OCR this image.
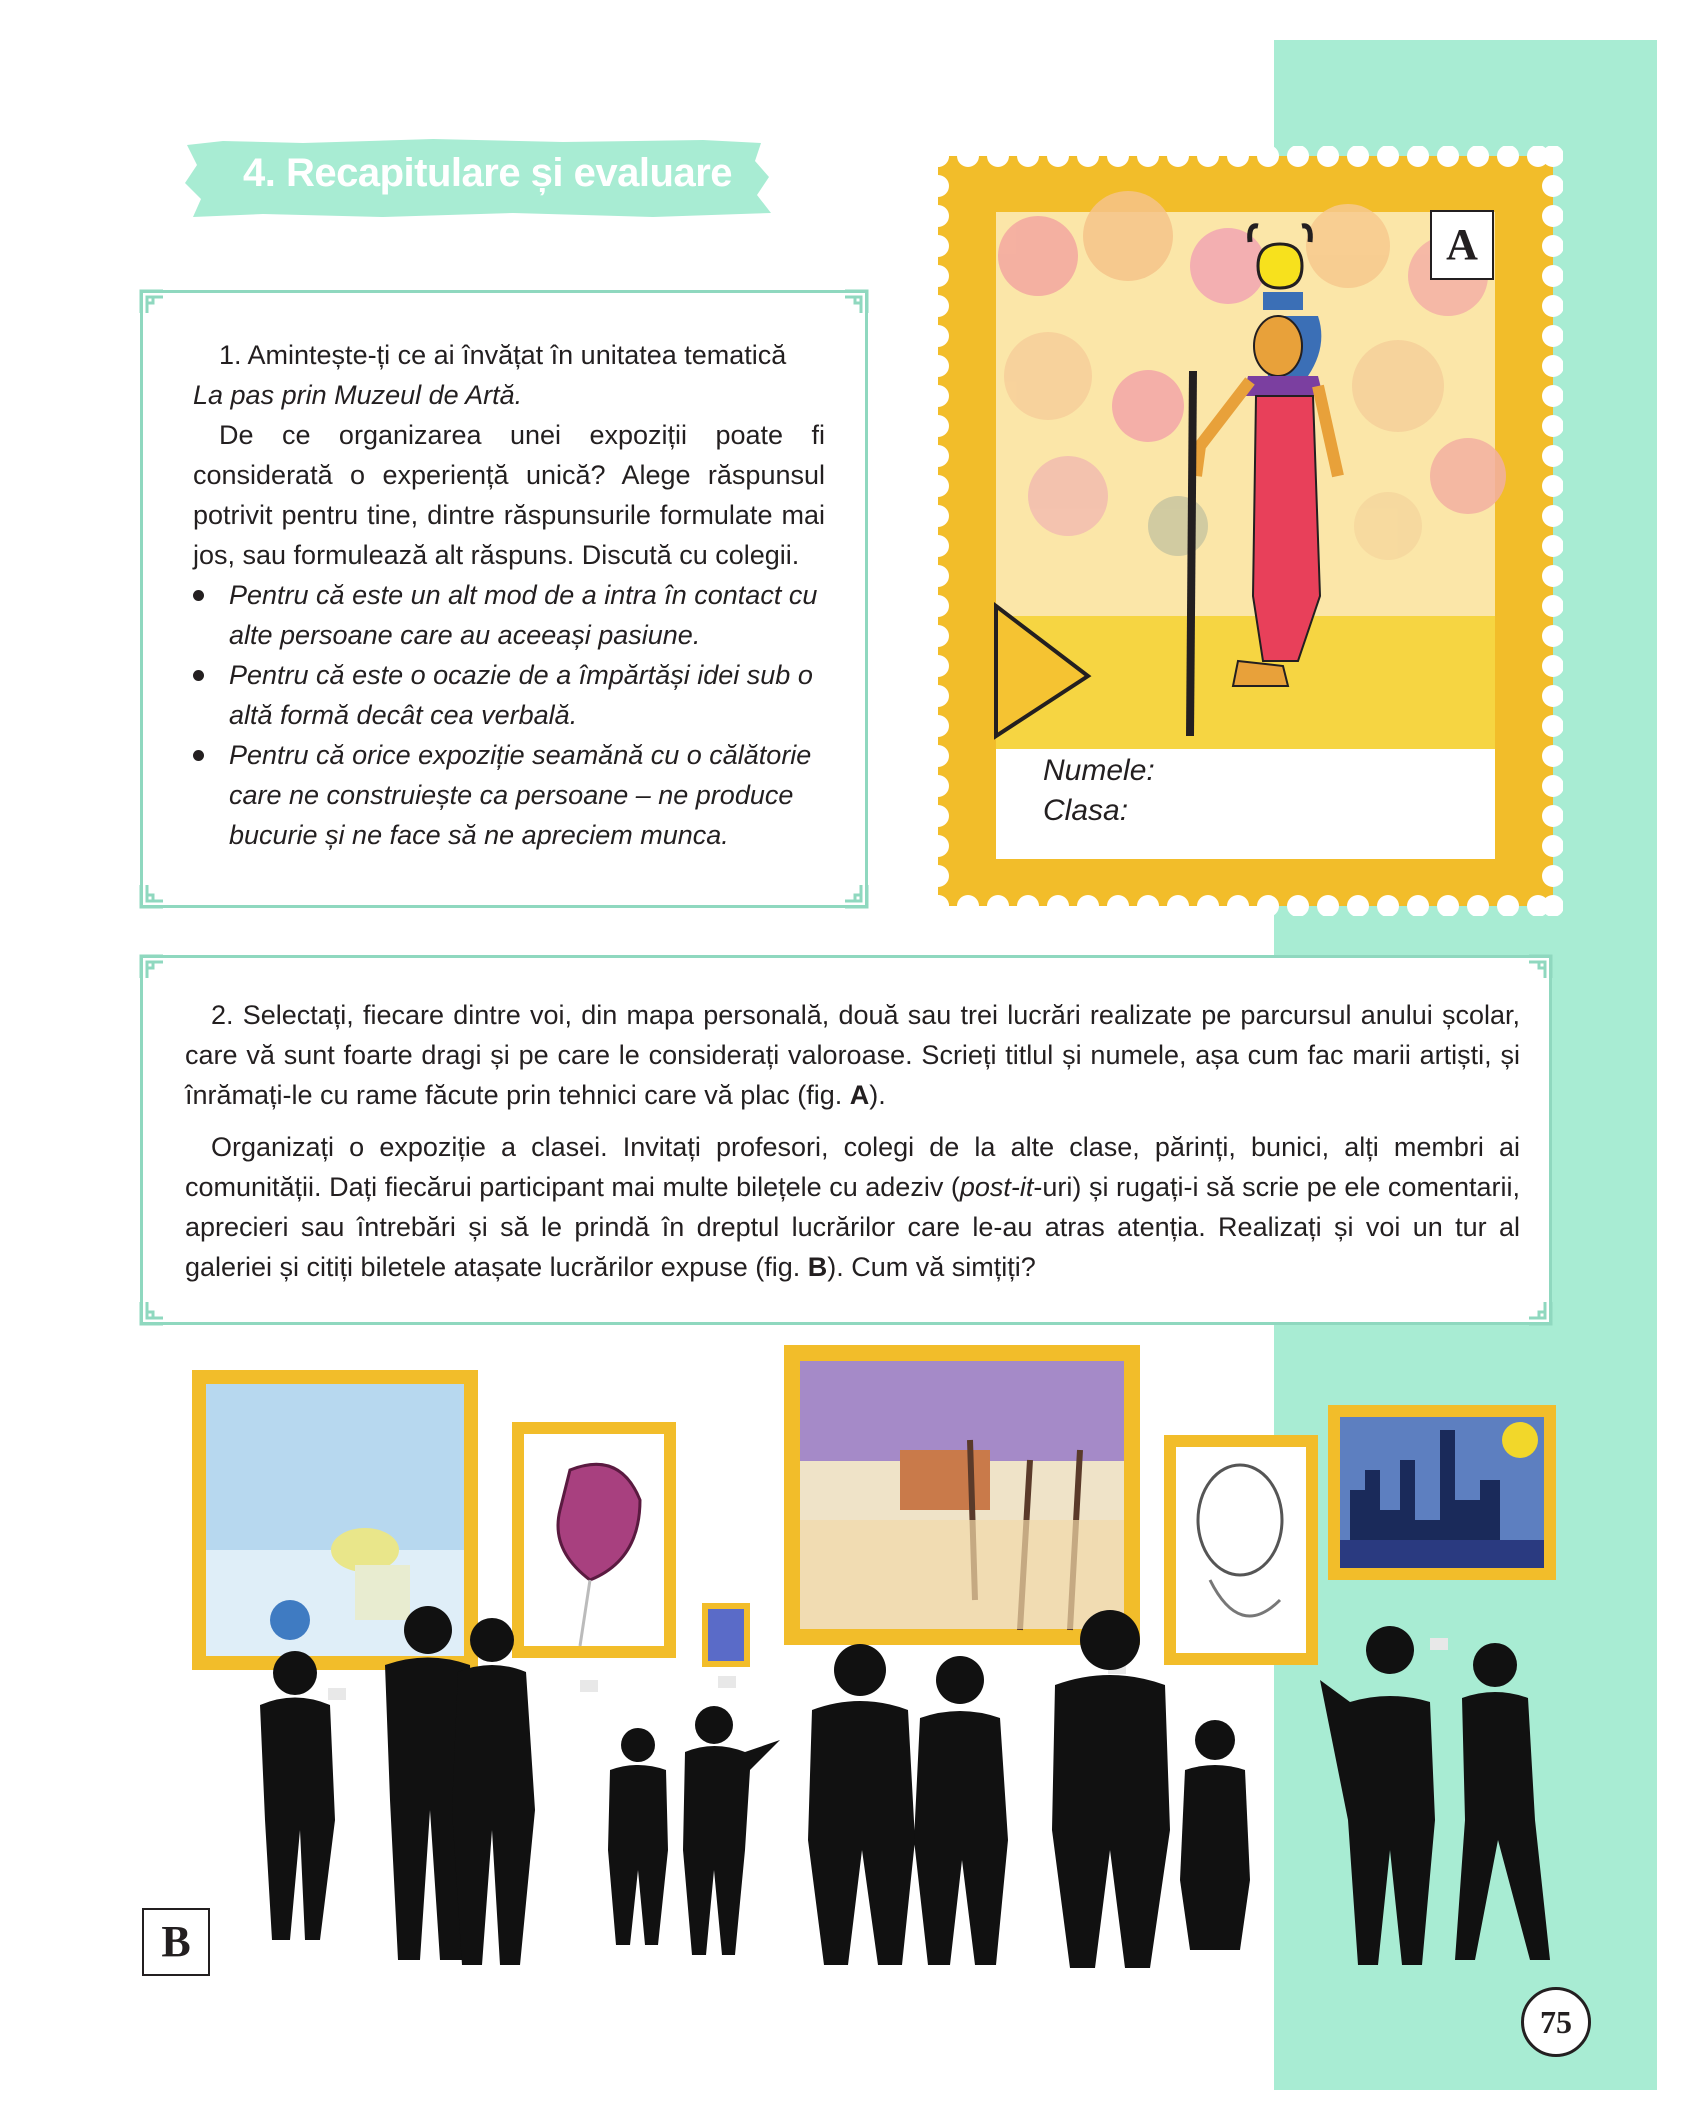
4. Recapitulare și evaluare

1. Amintește-ți ce ai învățat în unitatea tematică

La pas prin Muzeul de Artă.

De ce organizarea unei expoziții poate fi considerată o experiență unică? Alege răspunsul potrivit pentru tine, dintre răspunsurile formulate mai jos, sau formulează alt răspuns. Discută cu colegii.

Pentru că este un alt mod de a intra în contact cu alte persoane care au aceeași pasiune.
Pentru că este o ocazie de a împărtăși idei sub o altă formă decât cea verbală.
Pentru că orice expoziție seamănă cu o călătorie care ne construiește ca persoane – ne produce bucurie și ne face să ne apreciem munca.
A
Numele:
Clasa:

2. Selectați, fiecare dintre voi, din mapa personală, două sau trei lucrări realizate pe parcursul anului școlar, care vă sunt foarte dragi și pe care le considerați valoroase. Scrieți titlul și numele, așa cum fac marii artiști, și înrămați-le cu rame făcute prin tehnici care vă plac (fig. A).

Organizați o expoziție a clasei. Invitați profesori, colegi de la alte clase, părinți, bunici, alți membri ai comunității. Dați fiecărui participant mai multe bilețele cu adeziv (post-it-uri) și rugați-i să scrie pe ele comentarii, aprecieri sau întrebări și să le prindă în dreptul lucrărilor care le-au atras atenția. Realizați și voi un tur al galeriei și citiți biletele atașate lucrărilor expuse (fig. B). Cum vă simțiți?

B
75
